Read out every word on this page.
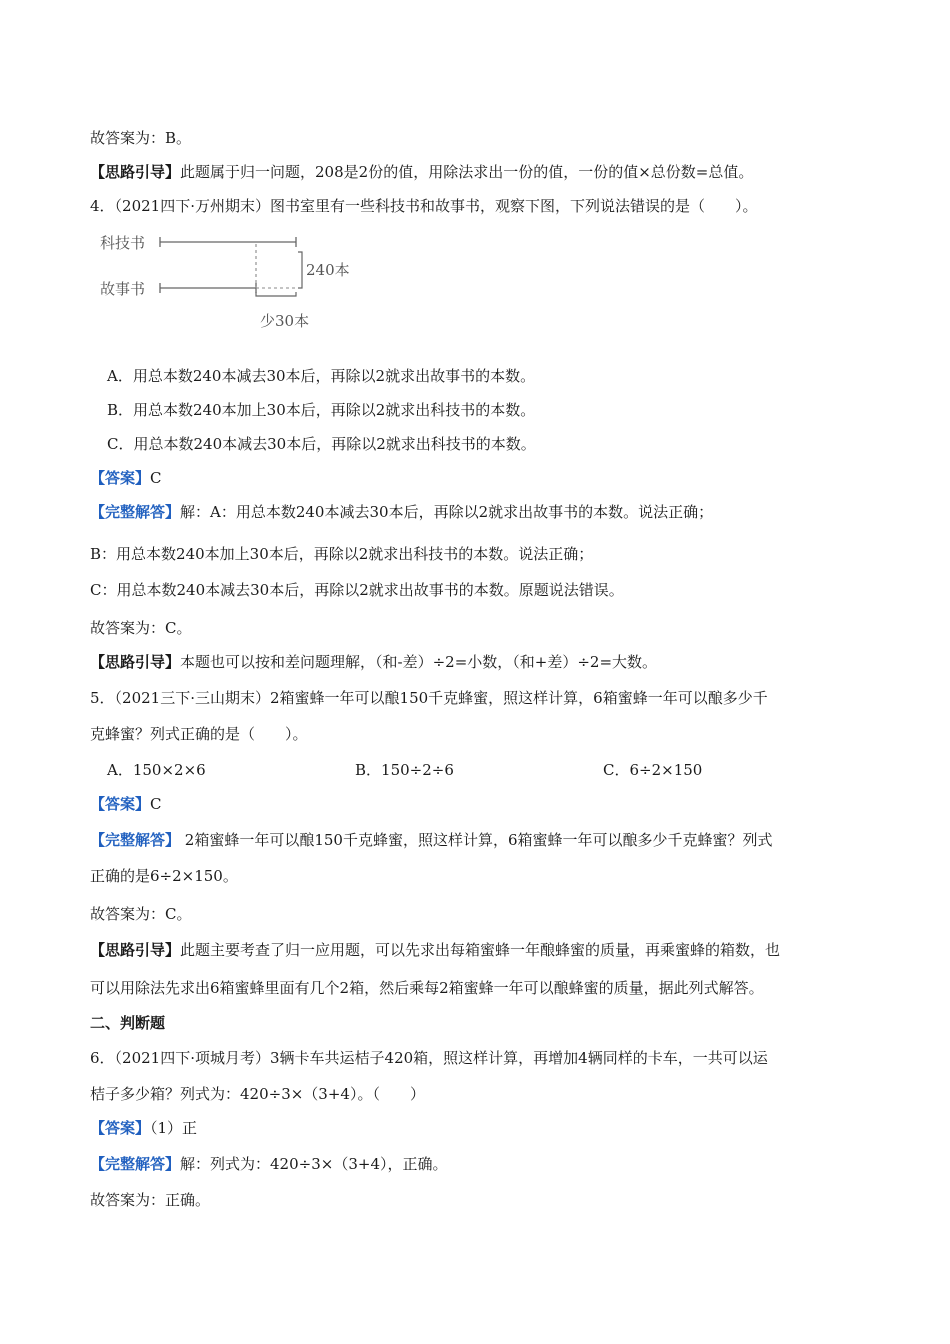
故答案为：B。
【思路引导】此题属于归一问题，208是2份的值，用除法求出一份的值，一份的值×总份数=总值。
4．（2021四下·万州期末）图书室里有一些科技书和故事书，观察下图，下列说法错误的是（　　）。
科技书
故事书
240本
少30本
A．用总本数240本减去30本后，再除以2就求出故事书的本数。
B．用总本数240本加上30本后，再除以2就求出科技书的本数。
C．用总本数240本减去30本后，再除以2就求出科技书的本数。
【答案】C
【完整解答】解：A：用总本数240本减去30本后，再除以2就求出故事书的本数。说法正确；
B：用总本数240本加上30本后，再除以2就求出科技书的本数。说法正确；
C：用总本数240本减去30本后，再除以2就求出故事书的本数。原题说法错误。
故答案为：C。
【思路引导】本题也可以按和差问题理解，（和-差）÷2=小数，（和+差）÷2=大数。
5．（2021三下·三山期末）2箱蜜蜂一年可以酿150千克蜂蜜，照这样计算，6箱蜜蜂一年可以酿多少千
克蜂蜜？列式正确的是（　　）。
A．150×2×6	B．150÷2÷6	C．6÷2×150
【答案】C
【完整解答】 2箱蜜蜂一年可以酿150千克蜂蜜，照这样计算，6箱蜜蜂一年可以酿多少千克蜂蜜？列式
正确的是6÷2×150。
故答案为：C。
【思路引导】此题主要考查了归一应用题，可以先求出每箱蜜蜂一年酿蜂蜜的质量，再乘蜜蜂的箱数，也
可以用除法先求出6箱蜜蜂里面有几个2箱，然后乘每2箱蜜蜂一年可以酿蜂蜜的质量，据此列式解答。
二、判断题
6．（2021四下·项城月考）3辆卡车共运桔子420箱，照这样计算，再增加4辆同样的卡车，一共可以运
桔子多少箱？列式为：420÷3×（3+4）。（　　）
【答案】（1）正
【完整解答】解：列式为：420÷3×（3+4），正确。
故答案为：正确。
